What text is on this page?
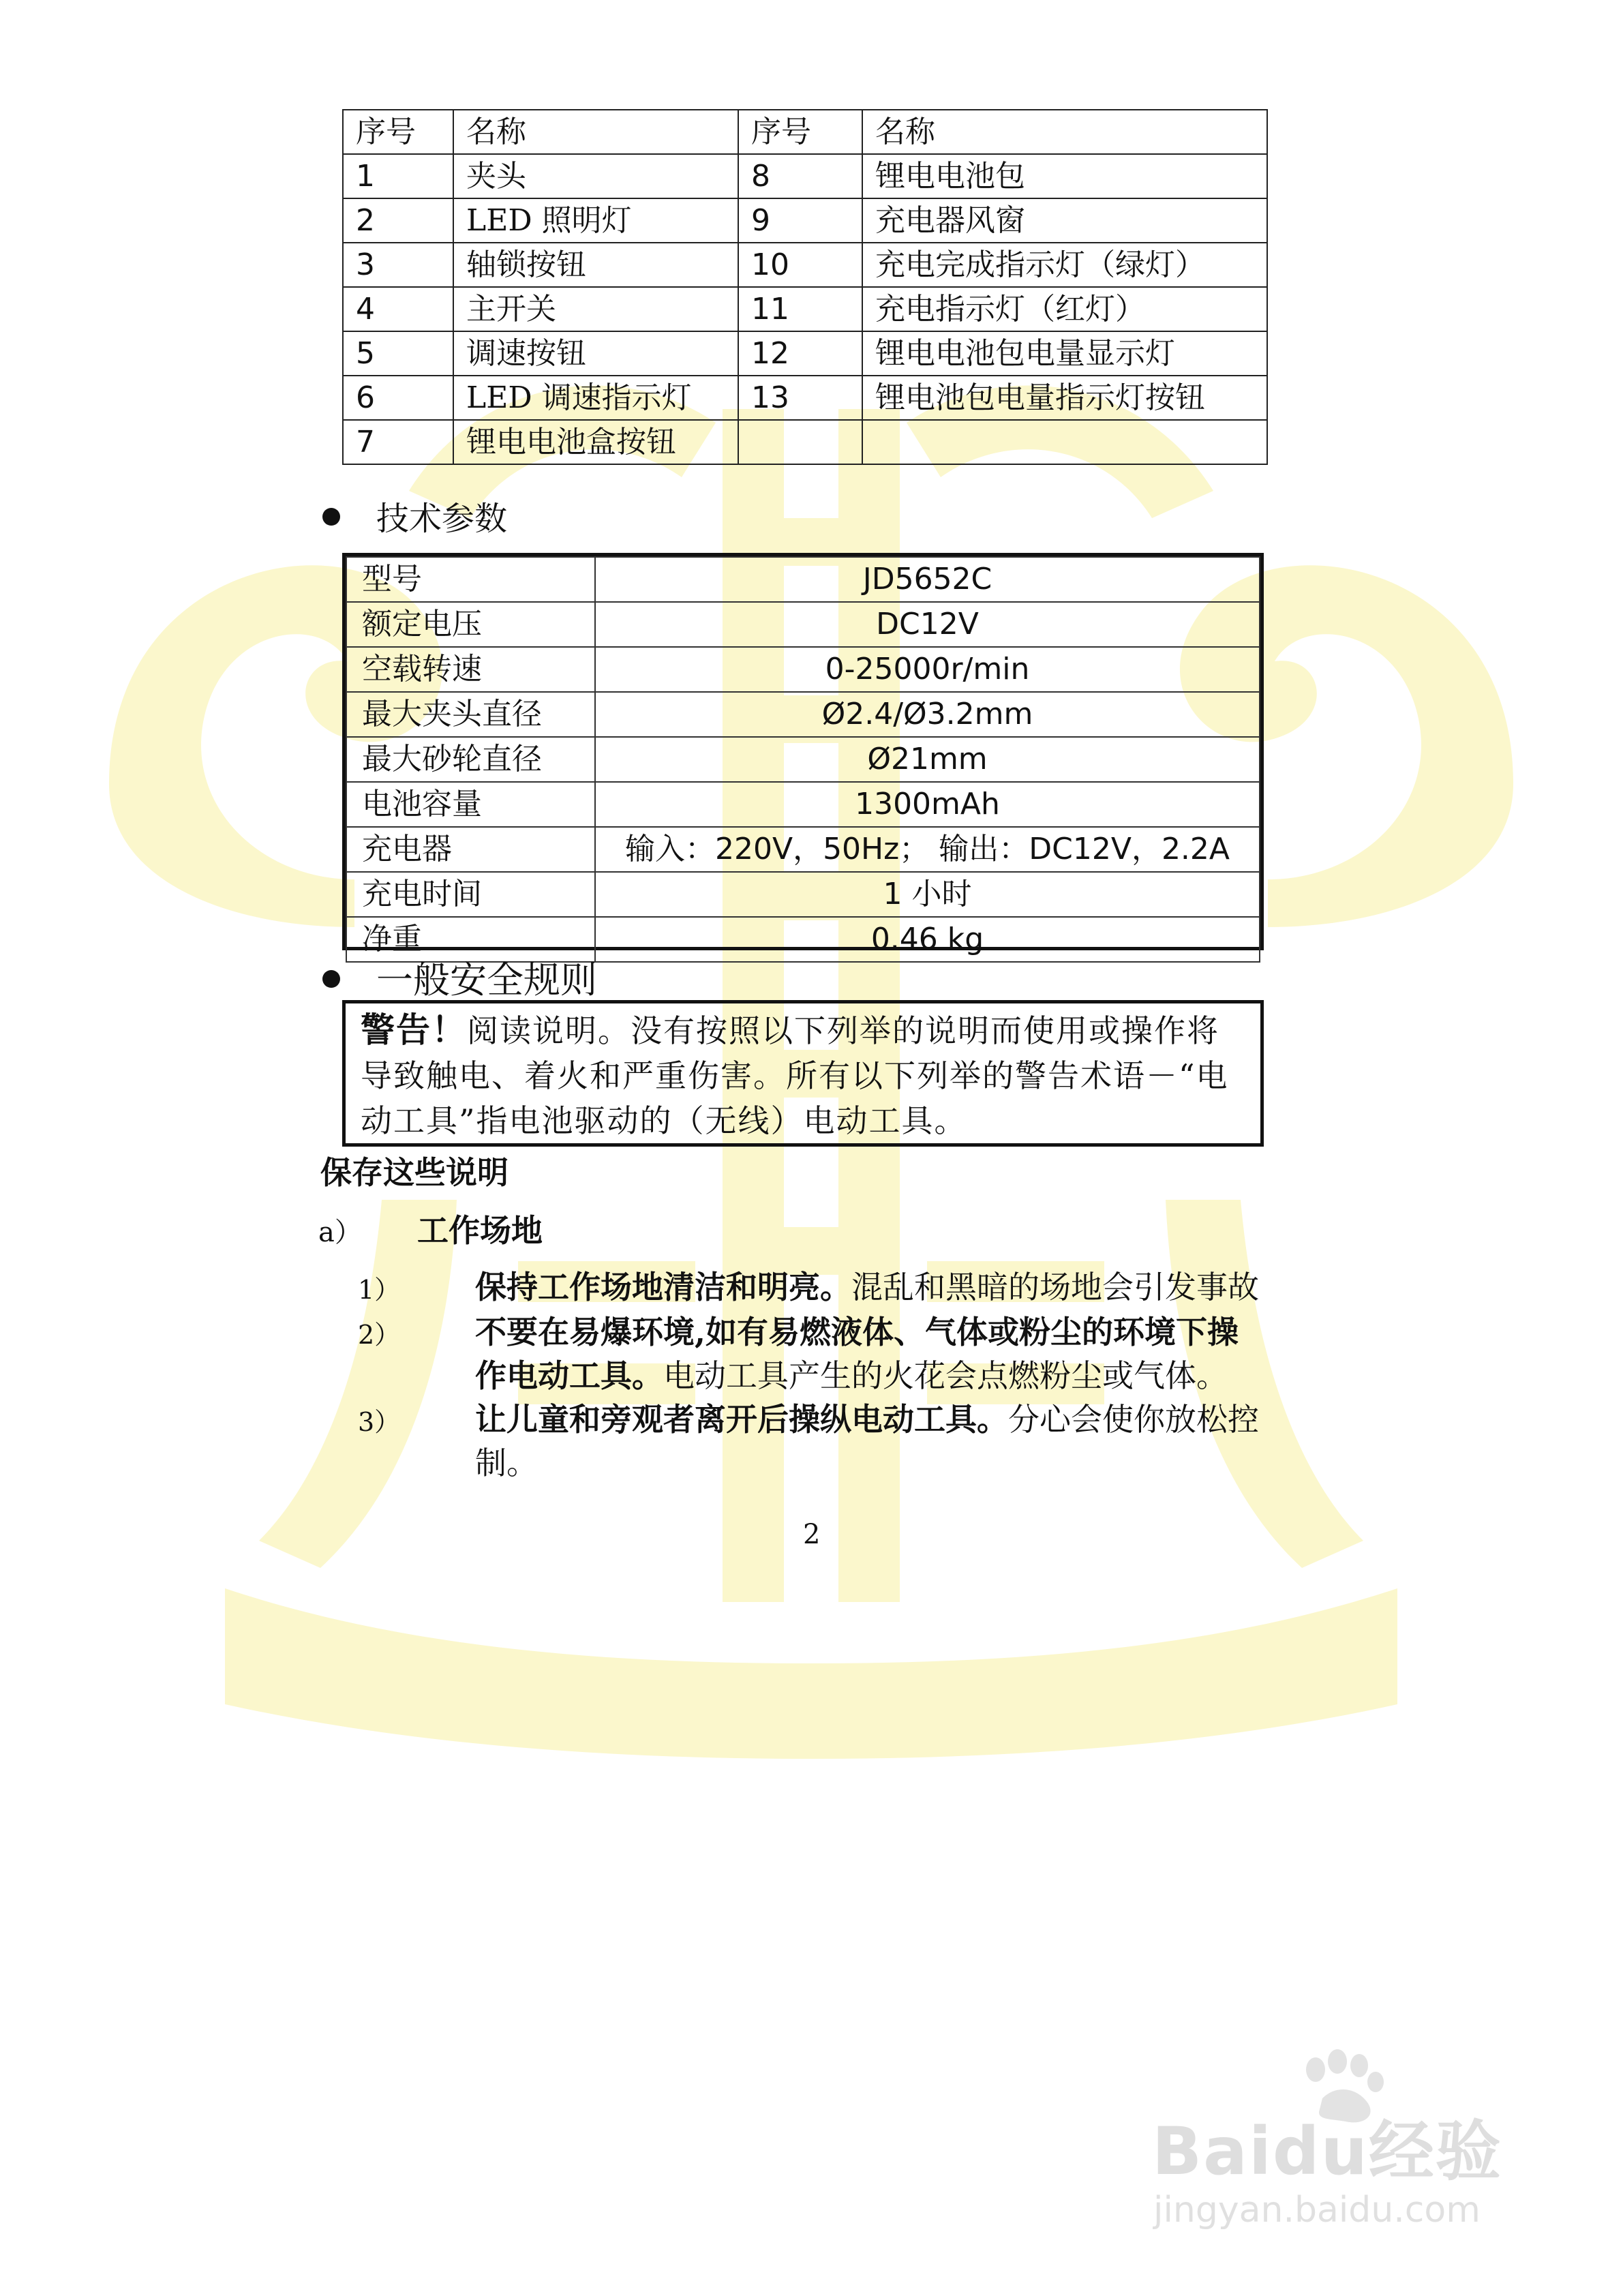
序号	名称	序号	名称
1	夹头	8	锂电电池包
2	LED 照明灯	9	充电器风窗
3	轴锁按钮	10	充电完成指示灯（绿灯）
4	主开关	11	充电指示灯（红灯）
5	调速按钮	12	锂电电池包电量显示灯
6	LED 调速指示灯	13	锂电池包电量指示灯按钮
7	锂电电池盒按钮		
技术参数
型号	JD5652C
额定电压	DC12V
空载转速	0-25000r/min
最大夹头直径	Ø2.4/Ø3.2mm
最大砂轮直径	Ø21mm
电池容量	1300mAh
充电器	输入：220V，50Hz； 输出：DC12V，2.2A
充电时间	1 小时
净重	0.46 kg
一般安全规则
警告！阅读说明。没有按照以下列举的说明而使用或操作将导致触电、着火和严重伤害。所有以下列举的警告术语－“电动工具”指电池驱动的（无线）电动工具。
保存这些说明
a） 工作场地
1） 保持工作场地清洁和明亮。混乱和黑暗的场地会引发事故
2） 不要在易爆环境,如有易燃液体、气体或粉尘的环境下操
作电动工具。电动工具产生的火花会点燃粉尘或气体。
3） 让儿童和旁观者离开后操纵电动工具。分心会使你放松控
制。
2
Baidu经验
jingyan.baidu.com
